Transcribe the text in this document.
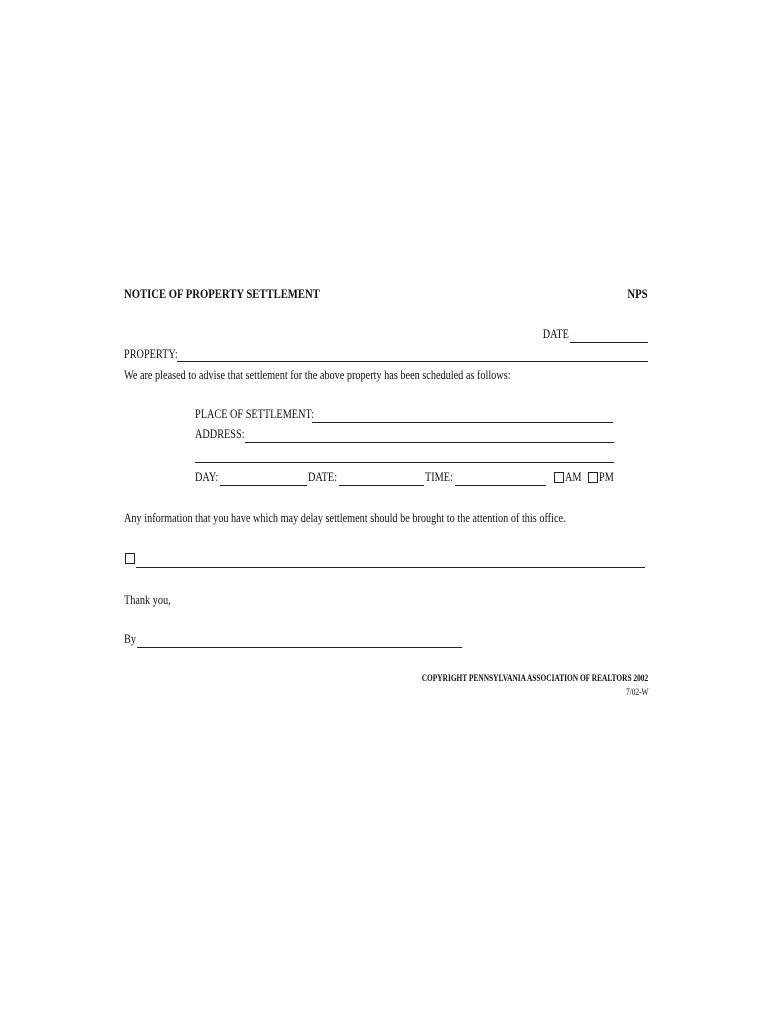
NOTICE OF PROPERTY SETTLEMENT	NPS
DATE
PROPERTY:
We are pleased to advise that settlement for the above property has been scheduled as follows:
PLACE OF SETTLEMENT:
ADDRESS:
DAY:	DATE:	TIME:	AM PM
Any information that you have which may delay settlement should be brought to the attention of this office.
Thank you,
By
COPYRIGHT PENNSYLVANIA ASSOCIATION OF REALTORS 2002
7/02-W
